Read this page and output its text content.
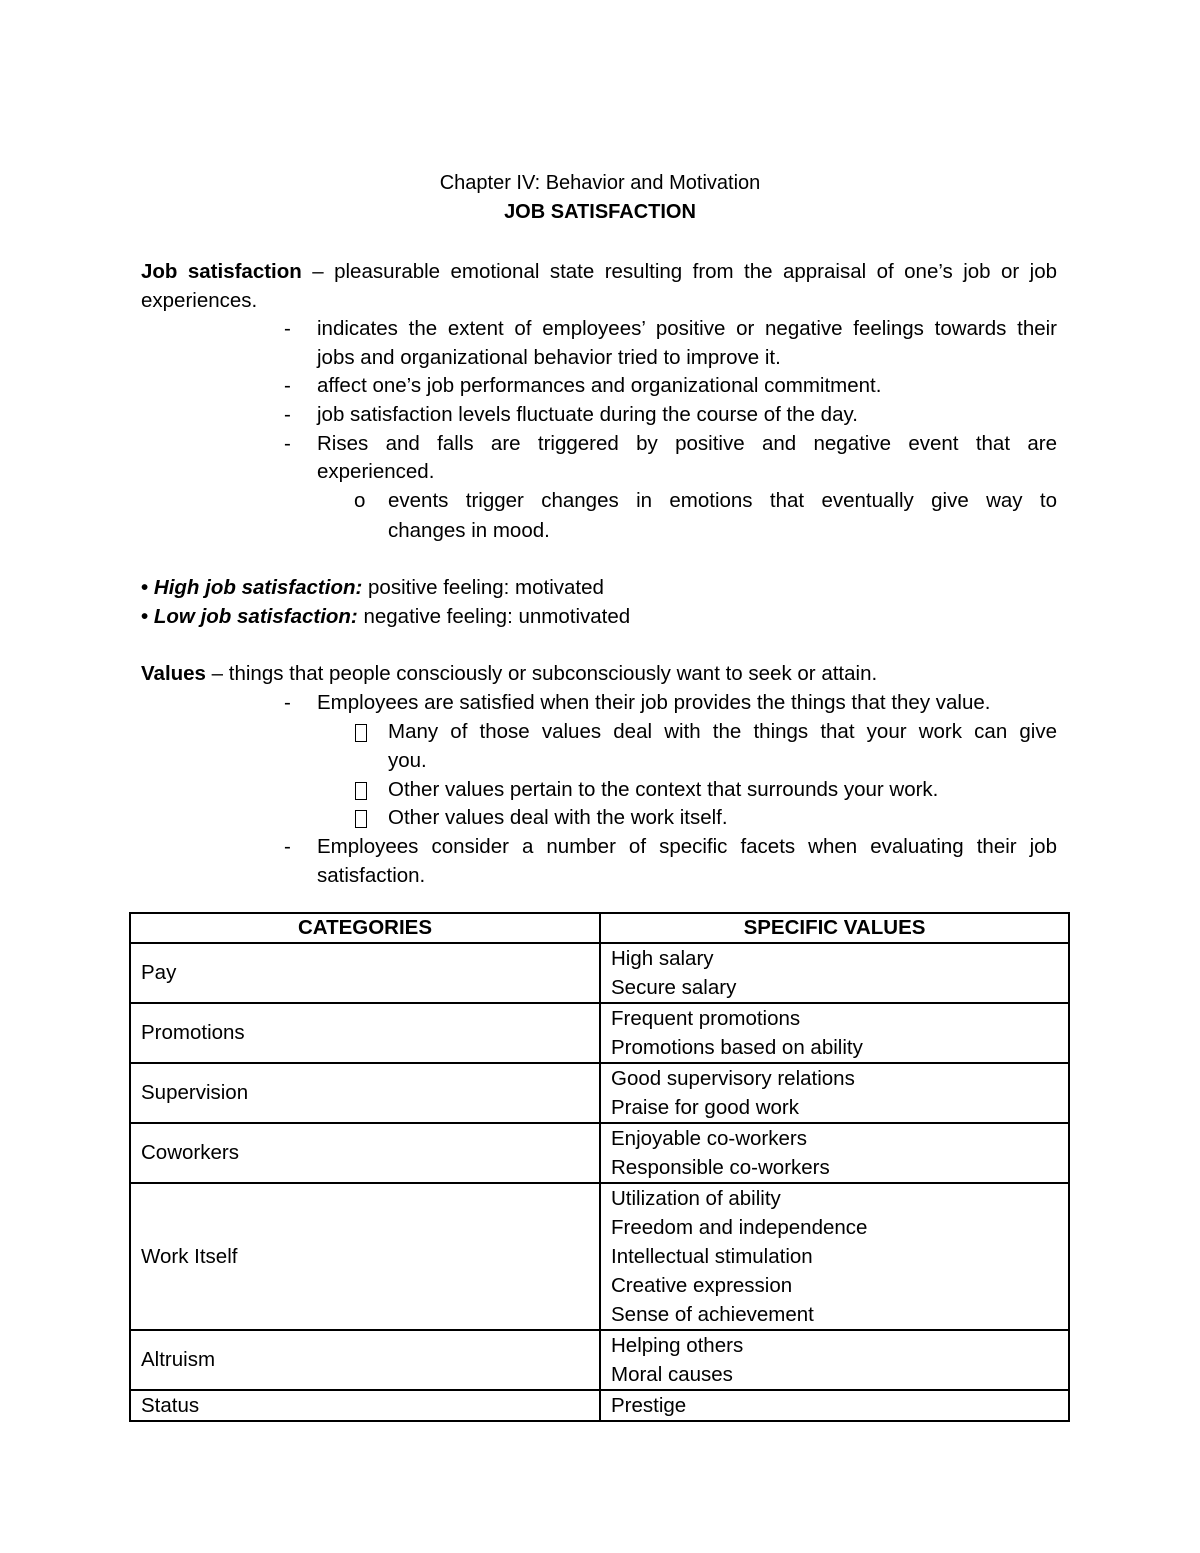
Chapter IV: Behavior and Motivation
JOB SATISFACTION
Job satisfaction – pleasurable emotional state resulting from the appraisal of one’s job or job
experiences.
- indicates the extent of employees’ positive or negative feelings towards their
jobs and organizational behavior tried to improve it.
- affect one’s job performances and organizational commitment.
- job satisfaction levels fluctuate during the course of the day.
- Rises and falls are triggered by positive and negative event that are
experienced.
o events trigger changes in emotions that eventually give way to
changes in mood.
• High job satisfaction: positive feeling: motivated
• Low job satisfaction: negative feeling: unmotivated
Values – things that people consciously or subconsciously want to seek or attain.
- Employees are satisfied when their job provides the things that they value.
Many of those values deal with the things that your work can give
you.
Other values pertain to the context that surrounds your work.
Other values deal with the work itself.
- Employees consider a number of specific facets when evaluating their job
satisfaction.
CATEGORIES	SPECIFIC VALUES
Pay	High salary
Secure salary

Promotions	Frequent promotions
Promotions based on ability

Supervision	Good supervisory relations
Praise for good work

Coworkers	Enjoyable co-workers
Responsible co-workers

Work Itself	Utilization of ability
Freedom and independence
Intellectual stimulation
Creative expression
Sense of achievement

Altruism	Helping others
Moral causes

Status	Prestige
